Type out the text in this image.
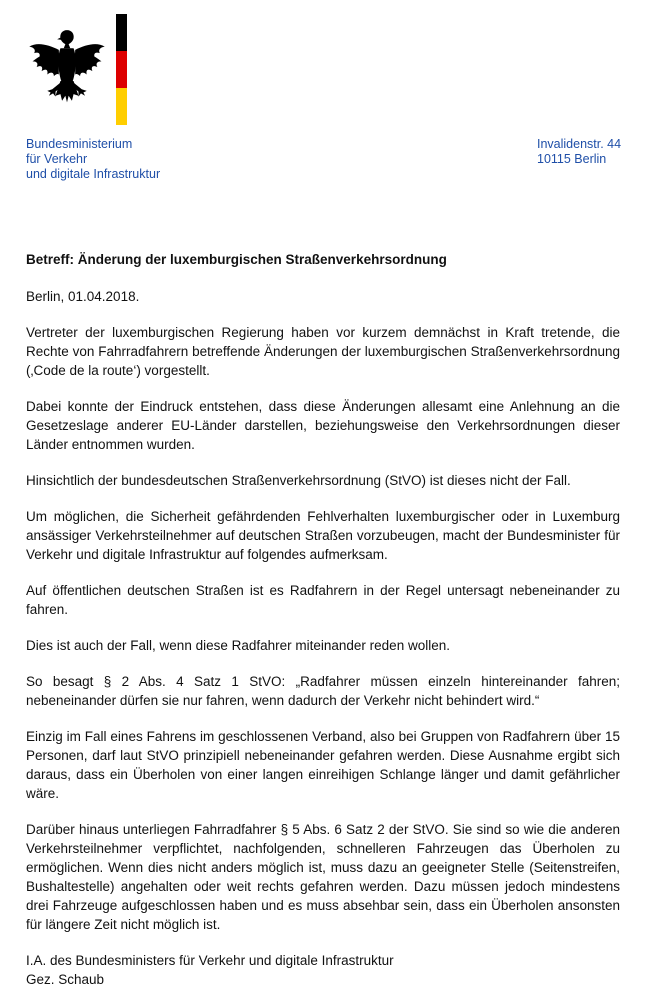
Bundesministerium
für Verkehr
und digitale Infrastruktur
Invalidenstr. 44
10115 Berlin

Betreff: Änderung der luxemburgischen Straßenverkehrsordnung

Berlin, 01.04.2018.

Vertreter der luxemburgischen Regierung haben vor kurzem demnächst in Kraft tretende, die Rechte von Fahrradfahrern betreffende Änderungen der luxemburgischen Straßenverkehrsordnung (‚Code de la route‘) vorgestellt.

Dabei konnte der Eindruck entstehen, dass diese Änderungen allesamt eine Anlehnung an die Gesetzeslage anderer EU-Länder darstellen, beziehungsweise den Verkehrsordnungen dieser Länder entnommen wurden.

Hinsichtlich der bundesdeutschen Straßenverkehrsordnung (StVO) ist dieses nicht der Fall.

Um möglichen, die Sicherheit gefährdenden Fehlverhalten luxemburgischer oder in Luxemburg ansässiger Verkehrsteilnehmer auf deutschen Straßen vorzubeugen, macht der Bundesminister für Verkehr und digitale Infrastruktur auf folgendes aufmerksam.

Auf öffentlichen deutschen Straßen ist es Radfahrern in der Regel untersagt nebeneinander zu fahren.

Dies ist auch der Fall, wenn diese Radfahrer miteinander reden wollen.

So besagt § 2 Abs. 4 Satz 1 StVO: „Radfahrer müssen einzeln hintereinander fahren; nebeneinander dürfen sie nur fahren, wenn dadurch der Verkehr nicht behindert wird.“

Einzig im Fall eines Fahrens im geschlossenen Verband, also bei Gruppen von Radfahrern über 15 Personen, darf laut StVO prinzipiell nebeneinander gefahren werden. Diese Ausnahme ergibt sich daraus, dass ein Überholen von einer langen einreihigen Schlange länger und damit gefährlicher wäre.

Darüber hinaus unterliegen Fahrradfahrer § 5 Abs. 6 Satz 2 der StVO. Sie sind so wie die anderen Verkehrsteilnehmer verpflichtet, nachfolgenden, schnelleren Fahrzeugen das Überholen zu ermöglichen. Wenn dies nicht anders möglich ist, muss dazu an geeigneter Stelle (Seitenstreifen, Bushaltestelle) angehalten oder weit rechts gefahren werden. Dazu müssen jedoch mindestens drei Fahrzeuge aufgeschlossen haben und es muss absehbar sein, dass ein Überholen ansonsten für längere Zeit nicht möglich ist.

I.A. des Bundesministers für Verkehr und digitale Infrastruktur
Gez. Schaub
